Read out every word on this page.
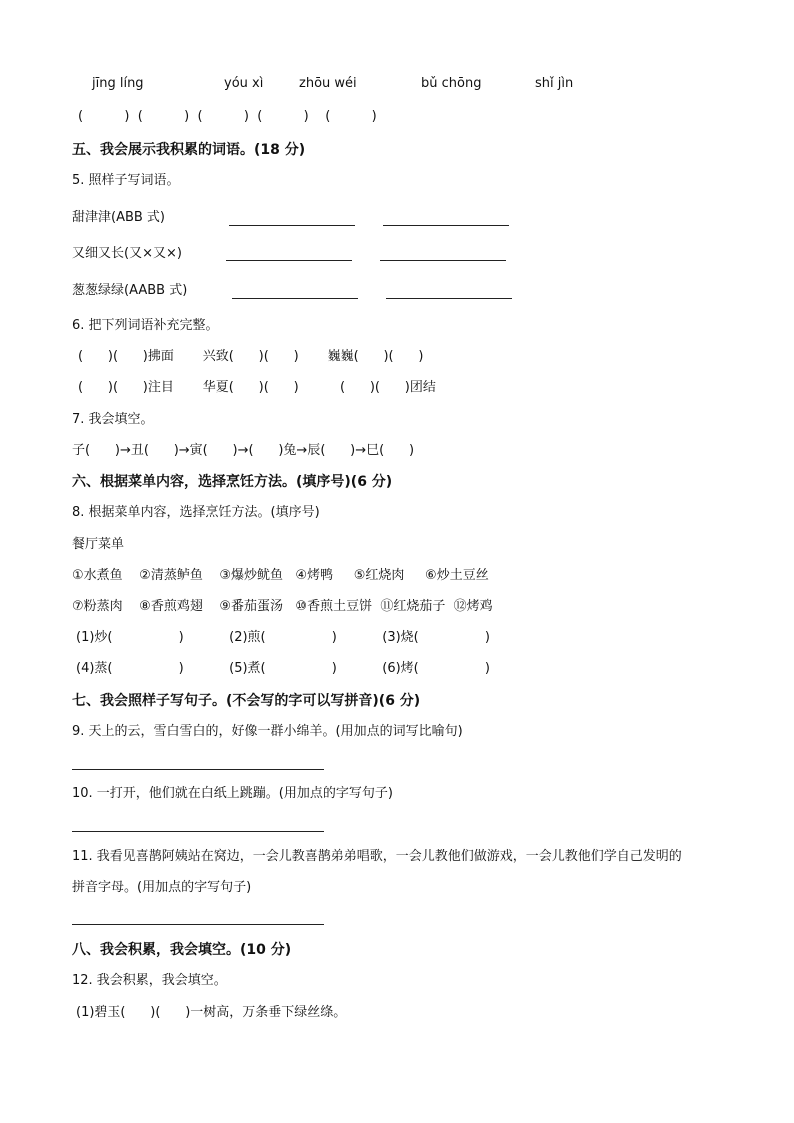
jīng líng	yóu xì	zhōu wéi	bǔ chōng	shǐ jìn
(          )  (          )  (          )  (          )    (          )
五、我会展示我积累的词语。(18 分)
5. 照样子写词语。
甜津津(ABB 式)
又细又长(又×又×)
葱葱绿绿(AABB 式)
6. 把下列词语补充完整。
(      )(      )拂面       兴致(      )(      )       巍巍(      )(      )
(      )(      )注目       华夏(      )(      )          (      )(      )团结
7. 我会填空。
子(      )→丑(      )→寅(      )→(      )兔→辰(      )→巳(      )
六、根据菜单内容，选择烹饪方法。(填序号)(6 分)
8. 根据菜单内容，选择烹饪方法。(填序号)
餐厅菜单
①水煮鱼    ②清蒸鲈鱼    ③爆炒鱿鱼   ④烤鸭     ⑤红烧肉     ⑥炒土豆丝
⑦粉蒸肉    ⑧香煎鸡翅    ⑨番茄蛋汤   ⑩香煎土豆饼  ⑪红烧茄子  ⑫烤鸡
(1)炒(                )           (2)煎(                )           (3)烧(                )
(4)蒸(                )           (5)煮(                )           (6)烤(                )
七、我会照样子写句子。(不会写的字可以写拼音)(6 分)
9. 天上的云，雪白雪白的，好像一群小绵羊。(用加点的词写比喻句)
10. 一打开，他们就在白纸上跳蹦。(用加点的字写句子)
11. 我看见喜鹊阿姨站在窝边，一会儿教喜鹊弟弟唱歌，一会儿教他们做游戏，一会儿教他们学自己发明的
拼音字母。(用加点的字写句子)
八、我会积累，我会填空。(10 分)
12. 我会积累，我会填空。
(1)碧玉(      )(      )一树高，万条垂下绿丝绦。
